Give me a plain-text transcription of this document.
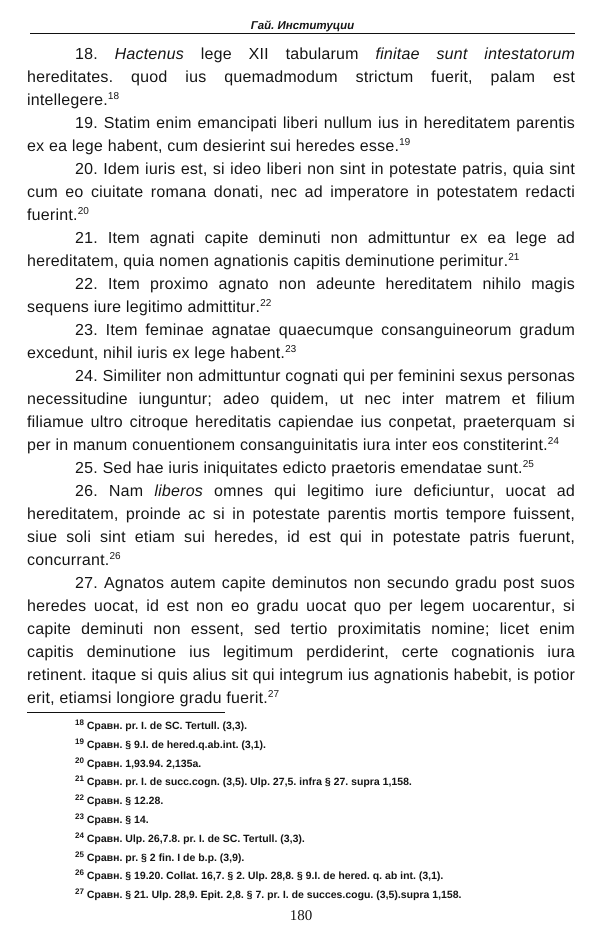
Гай. Институции

18. Hactenus lege XII tabularum finitae sunt intestatorum hereditates. quod ius quemadmodum strictum fuerit, palam est intellegere.$^{18}$

19. Statim enim emancipati liberi nullum ius in hereditatem parentis ex ea lege habent, cum desierint sui heredes esse.$^{19}$

20. Idem iuris est, si ideo liberi non sint in potestate patris, quia sint cum eo ciuitate romana donati, nec ad imperatore in potestatem redacti fuerint.$^{20}$

21. Item agnati capite deminuti non admittuntur ex ea lege ad hereditatem, quia nomen agnationis capitis deminutione perimitur.$^{21}$

22. Item proximo agnato non adeunte hereditatem nihilo magis sequens iure legitimo admittitur.$^{22}$

23. Item feminae agnatae quaecumque consanguineorum gradum excedunt, nihil iuris ex lege habent.$^{23}$

24. Similiter non admittuntur cognati qui per feminini sexus personas necessitudine iunguntur; adeo quidem, ut nec inter matrem et filium filiamue ultro citroque hereditatis capiendae ius conpetat, praeterquam si per in manum conuentionem consanguinitatis iura inter eos constiterint.$^{24}$

25. Sed hae iuris iniquitates edicto praetoris emendatae sunt.$^{25}$

26. Nam liberos omnes qui legitimo iure deficiuntur, uocat ad hereditatem, proinde ac si in potestate parentis mortis tempore fuissent, siue soli sint etiam sui heredes, id est qui in potestate patris fuerunt, concurrant.$^{26}$

27. Agnatos autem capite deminutos non secundo gradu post suos heredes uocat, id est non eo gradu uocat quo per legem uocarentur, si capite deminuti non essent, sed tertio proximitatis nomine; licet enim capitis deminutione ius legitimum perdiderint, certe cognationis iura retinent. itaque si quis alius sit qui integrum ius agnationis habebit, is potior erit, etiamsi longiore gradu fuerit.$^{27}$

$^{18}$ Сравн. pr. I. de SC. Tertull. (3,3).

$^{19}$ Сравн. § 9.I. de hered.q.ab.int. (3,1).

$^{20}$ Сравн. 1,93.94. 2,135a.

$^{21}$ Сравн. pr. I. de succ.cogn. (3,5). Ulp. 27,5. infra § 27. supra 1,158.

$^{22}$ Сравн. § 12.28.

$^{23}$ Сравн. § 14.

$^{24}$ Сравн. Ulp. 26,7.8. pr. I. de SC. Tertull. (3,3).

$^{25}$ Сравн. pr. § 2 fin. I de b.p. (3,9).

$^{26}$ Сравн. § 19.20. Collat. 16,7. § 2. Ulp. 28,8. § 9.I. de hered. q. ab int. (3,1).

$^{27}$ Сравн. § 21. Ulp. 28,9. Epit. 2,8. § 7. pr. I. de succes.cogu. (3,5).supra 1,158.

180
